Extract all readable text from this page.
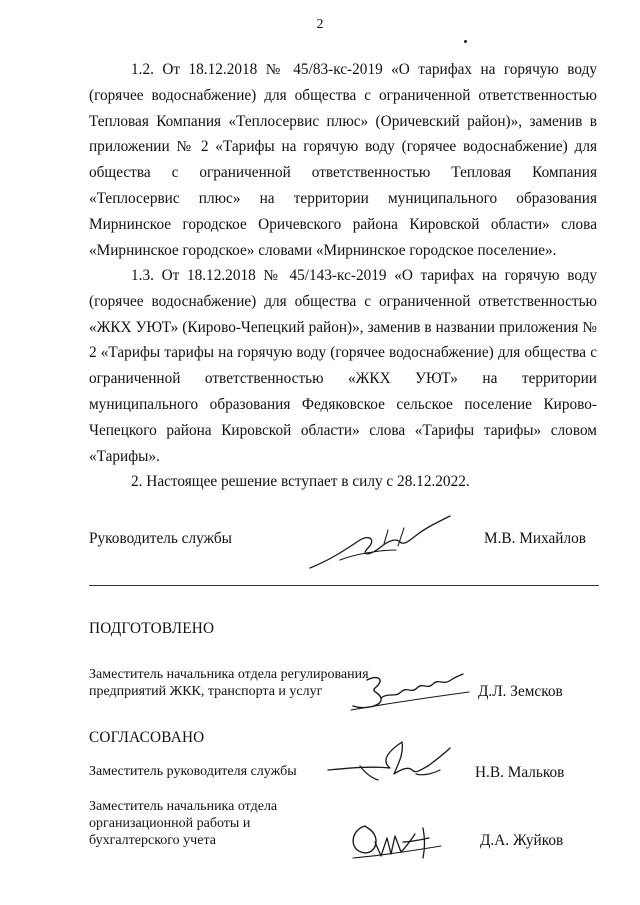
2
1.2. От 18.12.2018 № 45/83-кс-2019 «О тарифах на горячую воду (горячее водоснабжение) для общества с ограниченной ответственностью Тепловая Компания «Теплосервис плюс» (Оричевский район)», заменив в приложении № 2 «Тарифы на горячую воду (горячее водоснабжение) для общества с ограниченной ответственностью Тепловая Компания «Теплосервис плюс» на территории муниципального образования Мирнинское городское Оричевского района Кировской области» слова «Мирнинское городское» словами «Мирнинское городское поселение».
1.3. От 18.12.2018 № 45/143-кс-2019 «О тарифах на горячую воду (горячее водоснабжение) для общества с ограниченной ответственностью «ЖКХ УЮТ» (Кирово-Чепецкий район)», заменив в названии приложения № 2 «Тарифы тарифы на горячую воду (горячее водоснабжение) для общества с ограниченной ответственностью «ЖКХ УЮТ» на территории муниципального образования Федяковское сельское поселение Кирово-Чепецкого района Кировской области» слова «Тарифы тарифы» словом «Тарифы».
2. Настоящее решение вступает в силу с 28.12.2022.
Руководитель службы	М.В. Михайлов
ПОДГОТОВЛЕНО
Заместитель начальника отдела регулирования
предприятий ЖКК, транспорта и услуг	Д.Л. Земсков
СОГЛАСОВАНО
Заместитель руководителя службы	Н.В. Мальков
Заместитель начальника отдела
организационной работы и
бухгалтерского учета	Д.А. Жуйков
